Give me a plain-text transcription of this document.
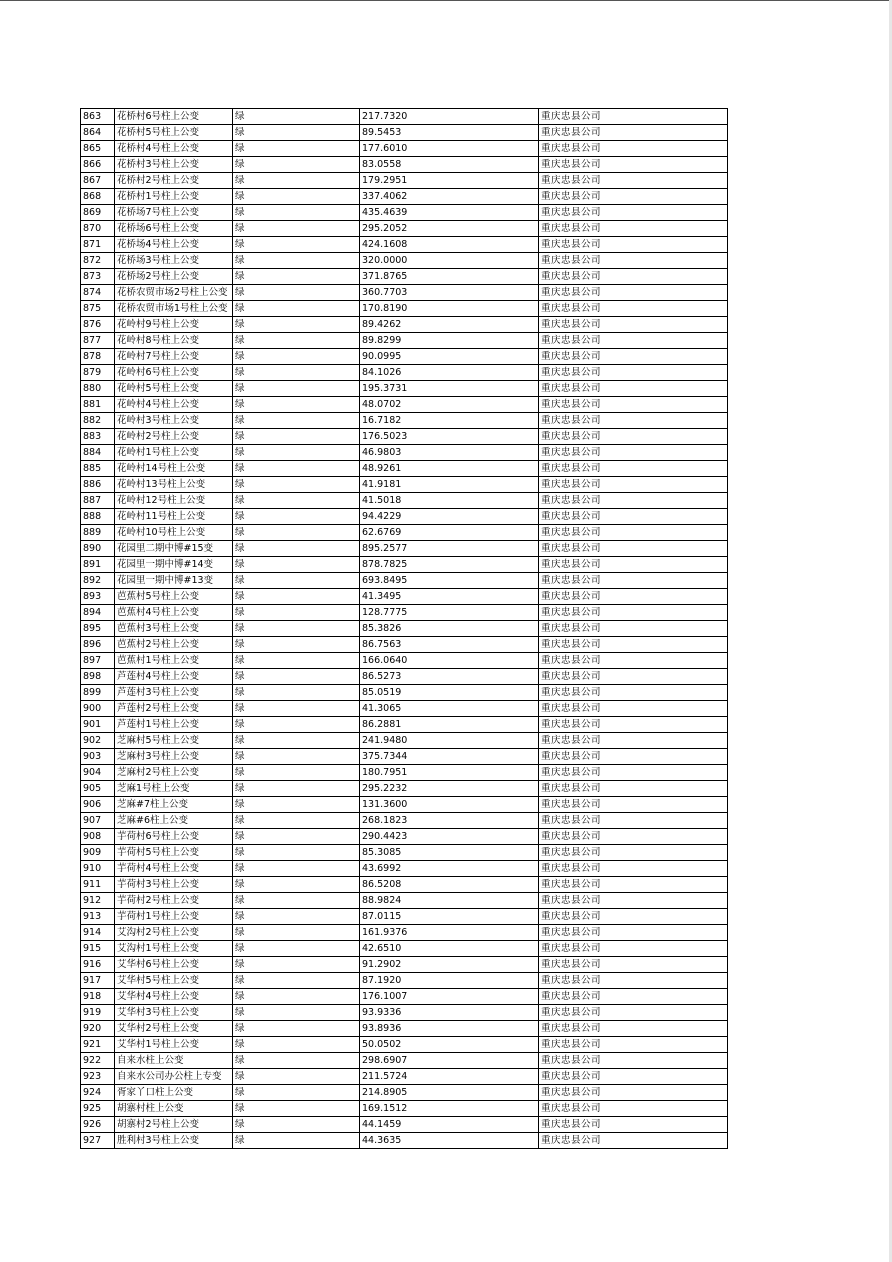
863	花桥村6号柱上公变	绿	217.7320	重庆忠县公司
864	花桥村5号柱上公变	绿	89.5453	重庆忠县公司
865	花桥村4号柱上公变	绿	177.6010	重庆忠县公司
866	花桥村3号柱上公变	绿	83.0558	重庆忠县公司
867	花桥村2号柱上公变	绿	179.2951	重庆忠县公司
868	花桥村1号柱上公变	绿	337.4062	重庆忠县公司
869	花桥场7号柱上公变	绿	435.4639	重庆忠县公司
870	花桥场6号柱上公变	绿	295.2052	重庆忠县公司
871	花桥场4号柱上公变	绿	424.1608	重庆忠县公司
872	花桥场3号柱上公变	绿	320.0000	重庆忠县公司
873	花桥场2号柱上公变	绿	371.8765	重庆忠县公司
874	花桥农贸市场2号柱上公变	绿	360.7703	重庆忠县公司
875	花桥农贸市场1号柱上公变	绿	170.8190	重庆忠县公司
876	花岭村9号柱上公变	绿	89.4262	重庆忠县公司
877	花岭村8号柱上公变	绿	89.8299	重庆忠县公司
878	花岭村7号柱上公变	绿	90.0995	重庆忠县公司
879	花岭村6号柱上公变	绿	84.1026	重庆忠县公司
880	花岭村5号柱上公变	绿	195.3731	重庆忠县公司
881	花岭村4号柱上公变	绿	48.0702	重庆忠县公司
882	花岭村3号柱上公变	绿	16.7182	重庆忠县公司
883	花岭村2号柱上公变	绿	176.5023	重庆忠县公司
884	花岭村1号柱上公变	绿	46.9803	重庆忠县公司
885	花岭村14号柱上公变	绿	48.9261	重庆忠县公司
886	花岭村13号柱上公变	绿	41.9181	重庆忠县公司
887	花岭村12号柱上公变	绿	41.5018	重庆忠县公司
888	花岭村11号柱上公变	绿	94.4229	重庆忠县公司
889	花岭村10号柱上公变	绿	62.6769	重庆忠县公司
890	花园里二期中博#15变	绿	895.2577	重庆忠县公司
891	花园里一期中博#14变	绿	878.7825	重庆忠县公司
892	花园里一期中博#13变	绿	693.8495	重庆忠县公司
893	芭蕉村5号柱上公变	绿	41.3495	重庆忠县公司
894	芭蕉村4号柱上公变	绿	128.7775	重庆忠县公司
895	芭蕉村3号柱上公变	绿	85.3826	重庆忠县公司
896	芭蕉村2号柱上公变	绿	86.7563	重庆忠县公司
897	芭蕉村1号柱上公变	绿	166.0640	重庆忠县公司
898	芦莲村4号柱上公变	绿	86.5273	重庆忠县公司
899	芦莲村3号柱上公变	绿	85.0519	重庆忠县公司
900	芦莲村2号柱上公变	绿	41.3065	重庆忠县公司
901	芦莲村1号柱上公变	绿	86.2881	重庆忠县公司
902	芝麻村5号柱上公变	绿	241.9480	重庆忠县公司
903	芝麻村3号柱上公变	绿	375.7344	重庆忠县公司
904	芝麻村2号柱上公变	绿	180.7951	重庆忠县公司
905	芝麻1号柱上公变	绿	295.2232	重庆忠县公司
906	芝麻#7柱上公变	绿	131.3600	重庆忠县公司
907	芝麻#6柱上公变	绿	268.1823	重庆忠县公司
908	芋荷村6号柱上公变	绿	290.4423	重庆忠县公司
909	芋荷村5号柱上公变	绿	85.3085	重庆忠县公司
910	芋荷村4号柱上公变	绿	43.6992	重庆忠县公司
911	芋荷村3号柱上公变	绿	86.5208	重庆忠县公司
912	芋荷村2号柱上公变	绿	88.9824	重庆忠县公司
913	芋荷村1号柱上公变	绿	87.0115	重庆忠县公司
914	艾沟村2号柱上公变	绿	161.9376	重庆忠县公司
915	艾沟村1号柱上公变	绿	42.6510	重庆忠县公司
916	艾华村6号柱上公变	绿	91.2902	重庆忠县公司
917	艾华村5号柱上公变	绿	87.1920	重庆忠县公司
918	艾华村4号柱上公变	绿	176.1007	重庆忠县公司
919	艾华村3号柱上公变	绿	93.9336	重庆忠县公司
920	艾华村2号柱上公变	绿	93.8936	重庆忠县公司
921	艾华村1号柱上公变	绿	50.0502	重庆忠县公司
922	自来水柱上公变	绿	298.6907	重庆忠县公司
923	自来水公司办公柱上专变	绿	211.5724	重庆忠县公司
924	胥家丫口柱上公变	绿	214.8905	重庆忠县公司
925	胡寨村柱上公变	绿	169.1512	重庆忠县公司
926	胡寨村2号柱上公变	绿	44.1459	重庆忠县公司
927	胜利村3号柱上公变	绿	44.3635	重庆忠县公司
